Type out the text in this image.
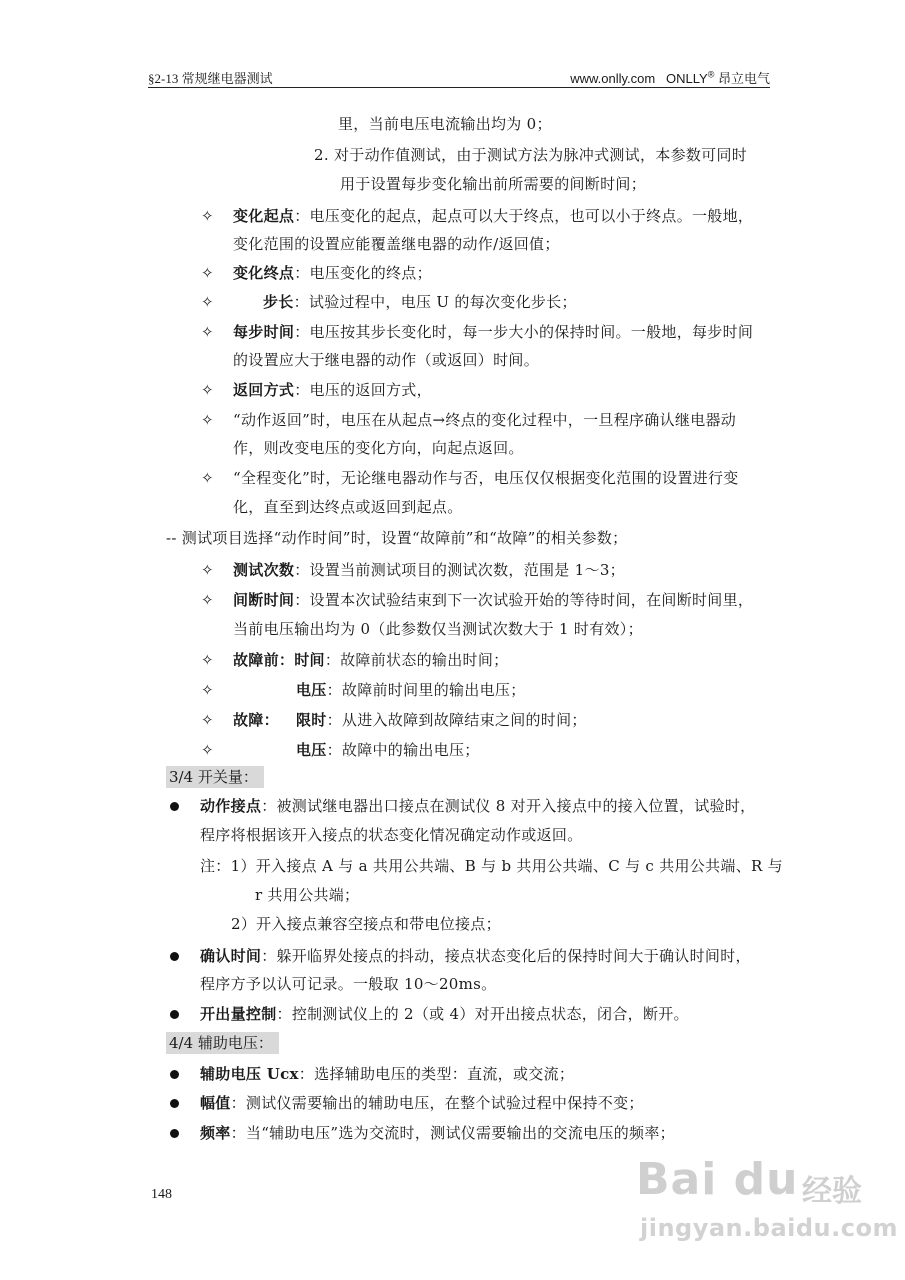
§2-13 常规继电器测试	www.onlly.com ONLLY® 昂立电气
里，当前电压电流输出均为 0；
2. 对于动作值测试，由于测试方法为脉冲式测试，本参数可同时
用于设置每步变化输出前所需要的间断时间；
✧ 变化起点：电压变化的起点，起点可以大于终点，也可以小于终点。一般地，
变化范围的设置应能覆盖继电器的动作/返回值；
✧ 变化终点：电压变化的终点；
✧	步长：试验过程中，电压 U 的每次变化步长；
✧ 每步时间：电压按其步长变化时，每一步大小的保持时间。一般地，每步时间
的设置应大于继电器的动作（或返回）时间。
✧ 返回方式：电压的返回方式，
✧ “动作返回”时，电压在从起点→终点的变化过程中，一旦程序确认继电器动
作，则改变电压的变化方向，向起点返回。
✧ “全程变化”时，无论继电器动作与否，电压仅仅根据变化范围的设置进行变
化，直至到达终点或返回到起点。
-- 测试项目选择“动作时间”时，设置“故障前”和“故障”的相关参数；
✧ 测试次数：设置当前测试项目的测试次数，范围是 1～3；
✧ 间断时间：设置本次试验结束到下一次试验开始的等待时间，在间断时间里，
当前电压输出均为 0（此参数仅当测试次数大于 1 时有效）；
✧ 故障前：时间：故障前状态的输出时间；
✧	电压：故障前时间里的输出电压；
✧ 故障： 限时：从进入故障到故障结束之间的时间；
✧	电压：故障中的输出电压；
3/4 开关量：
动作接点：被测试继电器出口接点在测试仪 8 对开入接点中的接入位置，试验时，
程序将根据该开入接点的状态变化情况确定动作或返回。
注：1）开入接点 A 与 a 共用公共端、B 与 b 共用公共端、C 与 c 共用公共端、R 与
r 共用公共端；
2）开入接点兼容空接点和带电位接点；
确认时间：躲开临界处接点的抖动，接点状态变化后的保持时间大于确认时间时，
程序方予以认可记录。一般取 10～20ms。
开出量控制：控制测试仪上的 2（或 4）对开出接点状态，闭合，断开。
4/4 辅助电压：
辅助电压 Ucx：选择辅助电压的类型：直流，或交流；
幅值：测试仪需要输出的辅助电压，在整个试验过程中保持不变；
频率：当“辅助电压”选为交流时，测试仪需要输出的交流电压的频率；
148	Bai du 经验
jingyan.baidu.com
